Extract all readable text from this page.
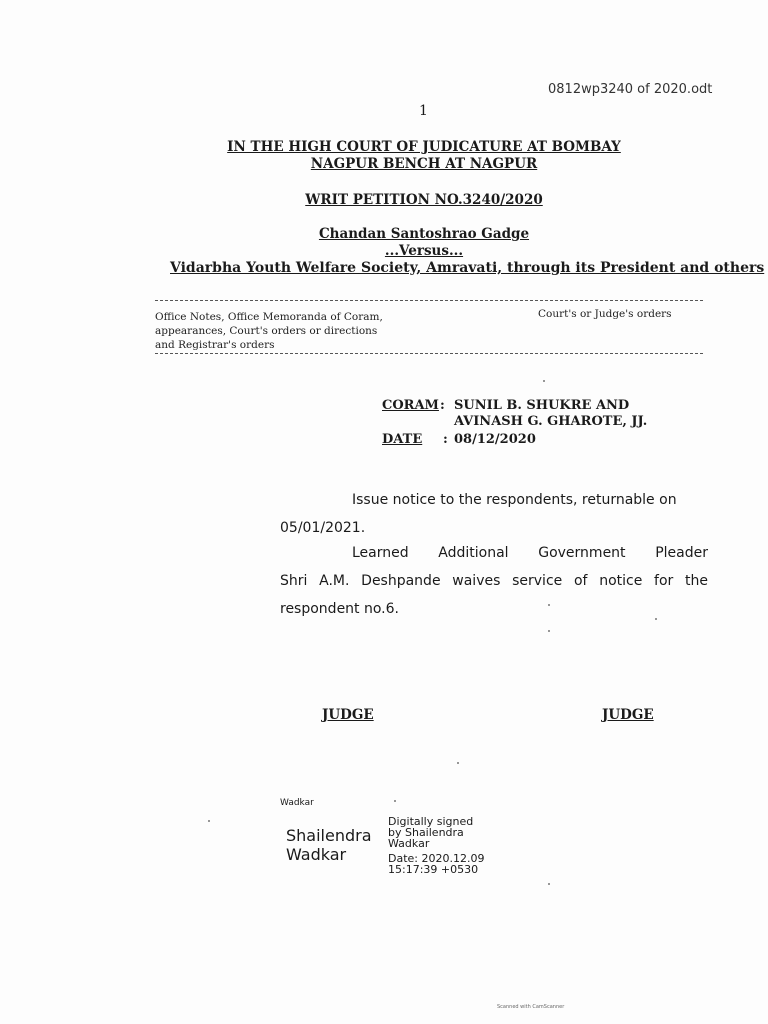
0812wp3240 of 2020.odt
1
IN THE HIGH COURT OF JUDICATURE AT BOMBAY
NAGPUR BENCH AT NAGPUR
WRIT PETITION NO.3240/2020
Chandan Santoshrao Gadge
...Versus...
Vidarbha Youth Welfare Society, Amravati, through its President and others
Office Notes, Office Memoranda of Coram,
appearances, Court's orders or directions
and Registrar's orders
Court's or Judge's orders
CORAM : SUNIL B. SHUKRE AND
AVINASH G. GHAROTE, JJ.
DATE : 08/12/2020

Issue notice to the respondents, returnable on

05/01/2021.

Learned Additional Government Pleader

Shri A.M. Deshpande waives service of notice for the

respondent no.6.

JUDGE	JUDGE
Wadkar
Shailendra
Wadkar
Digitally signed
by Shailendra
Wadkar
Date: 2020.12.09
15:17:39 +0530
Scanned with CamScanner
